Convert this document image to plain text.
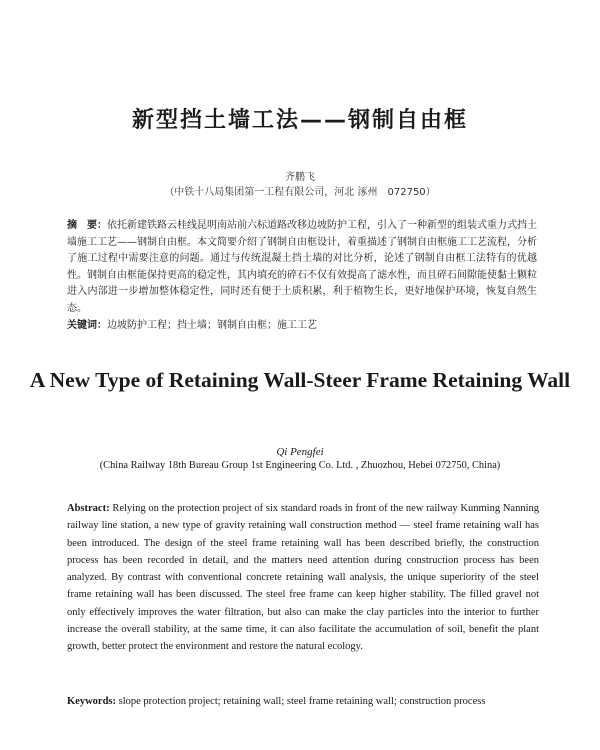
新型挡土墙工法——钢制自由框
齐鹏飞
（中铁十八局集团第一工程有限公司，河北 涿州　072750）

摘　要：依托新建铁路云桂线昆明南站前六标道路改移边坡防护工程，引入了一种新型的组装式重力式挡土墙施工工艺——钢制自由框。本文简要介绍了钢制自由框设计，着重描述了钢制自由框施工工艺流程，分析了施工过程中需要注意的问题。通过与传统混凝土挡土墙的对比分析，论述了钢制自由框工法特有的优越性。钢制自由框能保持更高的稳定性，其内填充的碎石不仅有效提高了滤水性，而且碎石间隙能使黏土颗粒进入内部进一步增加整体稳定性，同时还有便于土质积累，利于植物生长，更好地保护环境，恢复自然生态。

关键词：边坡防护工程；挡土墙；钢制自由框；施工工艺

A New Type of Retaining Wall-Steer Frame Retaining Wall
Qi Pengfei
(China Railway 18th Bureau Group 1st Engineering Co. Ltd. , Zhuozhou, Hebei 072750, China)

Abstract: Relying on the protection project of six standard roads in front of the new railway Kunming Nanning railway line station, a new type of gravity retaining wall construction method — steel frame retaining wall has been introduced. The design of the steel frame retaining wall has been described briefly, the construction process has been recorded in detail, and the matters need attention during construction process has been analyzed. By contrast with conventional concrete retaining wall analysis, the unique superiority of the steel frame retaining wall has been discussed. The steel free frame can keep higher stability. The filled gravel not only effectively improves the water filtration, but also can make the clay particles into the interior to further increase the overall stability, at the same time, it can also facilitate the accumulation of soil, benefit the plant growth, better protect the environment and restore the natural ecology.

Keywords: slope protection project; retaining wall; steel frame retaining wall; construction process
